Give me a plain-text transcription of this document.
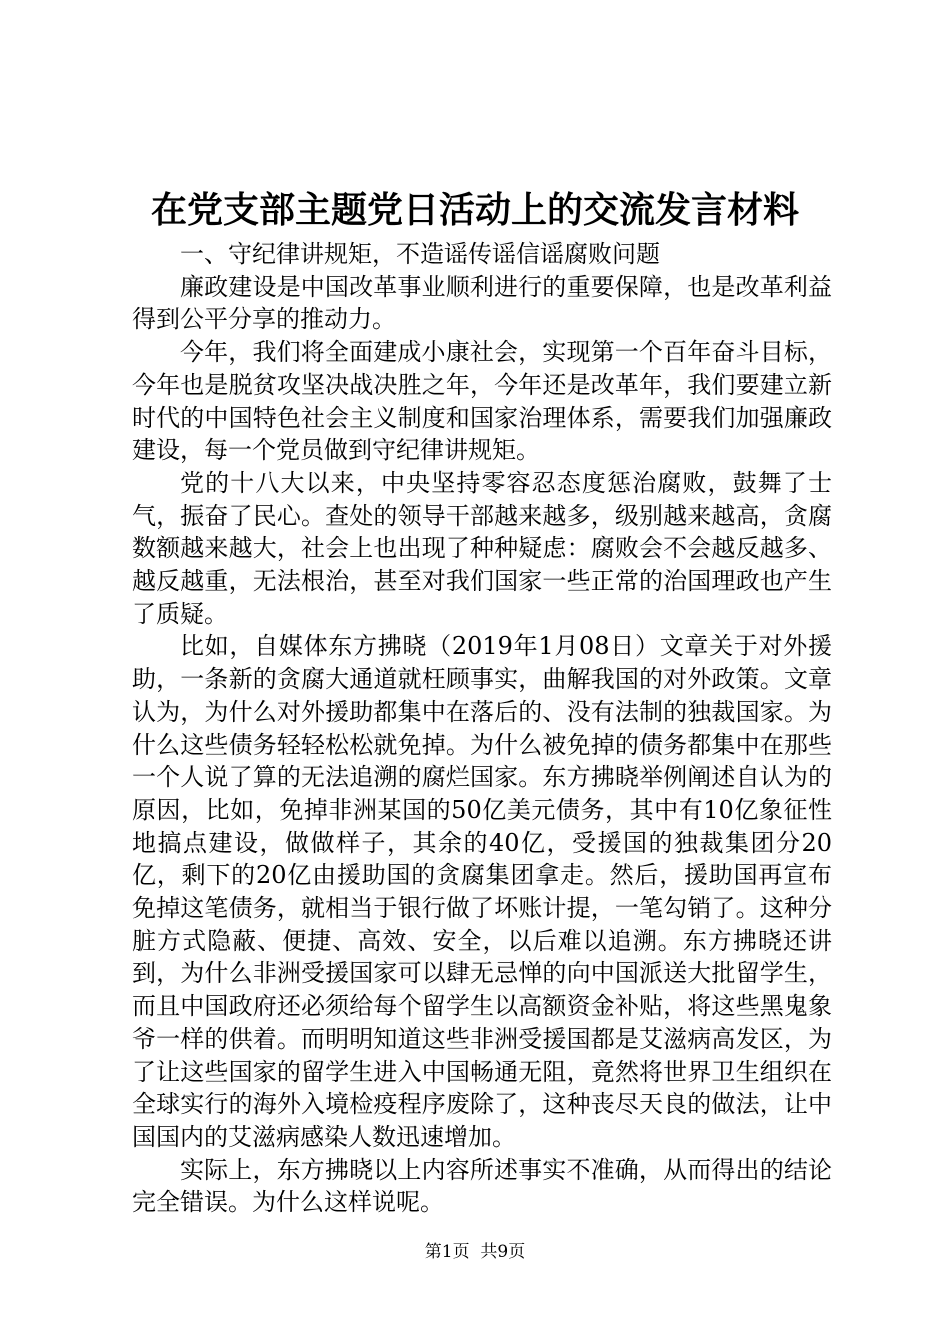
在党支部主题党日活动上的交流发言材料

一、守纪律讲规矩，不造谣传谣信谣腐败问题

廉政建设是中国改革事业顺利进行的重要保障，也是改革利益得到公平分享的推动力。

今年，我们将全面建成小康社会，实现第一个百年奋斗目标，今年也是脱贫攻坚决战决胜之年，今年还是改革年，我们要建立新时代的中国特色社会主义制度和国家治理体系，需要我们加强廉政建设，每一个党员做到守纪律讲规矩。

党的十八大以来，中央坚持零容忍态度惩治腐败，鼓舞了士气，振奋了民心。查处的领导干部越来越多，级别越来越高，贪腐数额越来越大，社会上也出现了种种疑虑：腐败会不会越反越多、越反越重，无法根治，甚至对我们国家一些正常的治国理政也产生了质疑。

比如，自媒体东方拂晓（2019年1月08日）文章关于对外援助，一条新的贪腐大通道就枉顾事实，曲解我国的对外政策。文章认为，为什么对外援助都集中在落后的、没有法制的独裁国家。为什么这些债务轻轻松松就免掉。为什么被免掉的债务都集中在那些一个人说了算的无法追溯的腐烂国家。东方拂晓举例阐述自认为的原因，比如，免掉非洲某国的50亿美元债务，其中有10亿象征性地搞点建设，做做样子，其余的40亿，受援国的独裁集团分20亿，剩下的20亿由援助国的贪腐集团拿走。然后，援助国再宣布免掉这笔债务，就相当于银行做了坏账计提，一笔勾销了。这种分脏方式隐蔽、便捷、高效、安全，以后难以追溯。东方拂晓还讲到，为什么非洲受援国家可以肆无忌惮的向中国派送大批留学生，而且中国政府还必须给每个留学生以高额资金补贴，将这些黑鬼象爷一样的供着。而明明知道这些非洲受援国都是艾滋病高发区，为了让这些国家的留学生进入中国畅通无阻，竟然将世界卫生组织在全球实行的海外入境检疫程序废除了，这种丧尽天良的做法，让中国国内的艾滋病感染人数迅速增加。

实际上，东方拂晓以上内容所述事实不准确，从而得出的结论完全错误。为什么这样说呢。

第1页 共9页
